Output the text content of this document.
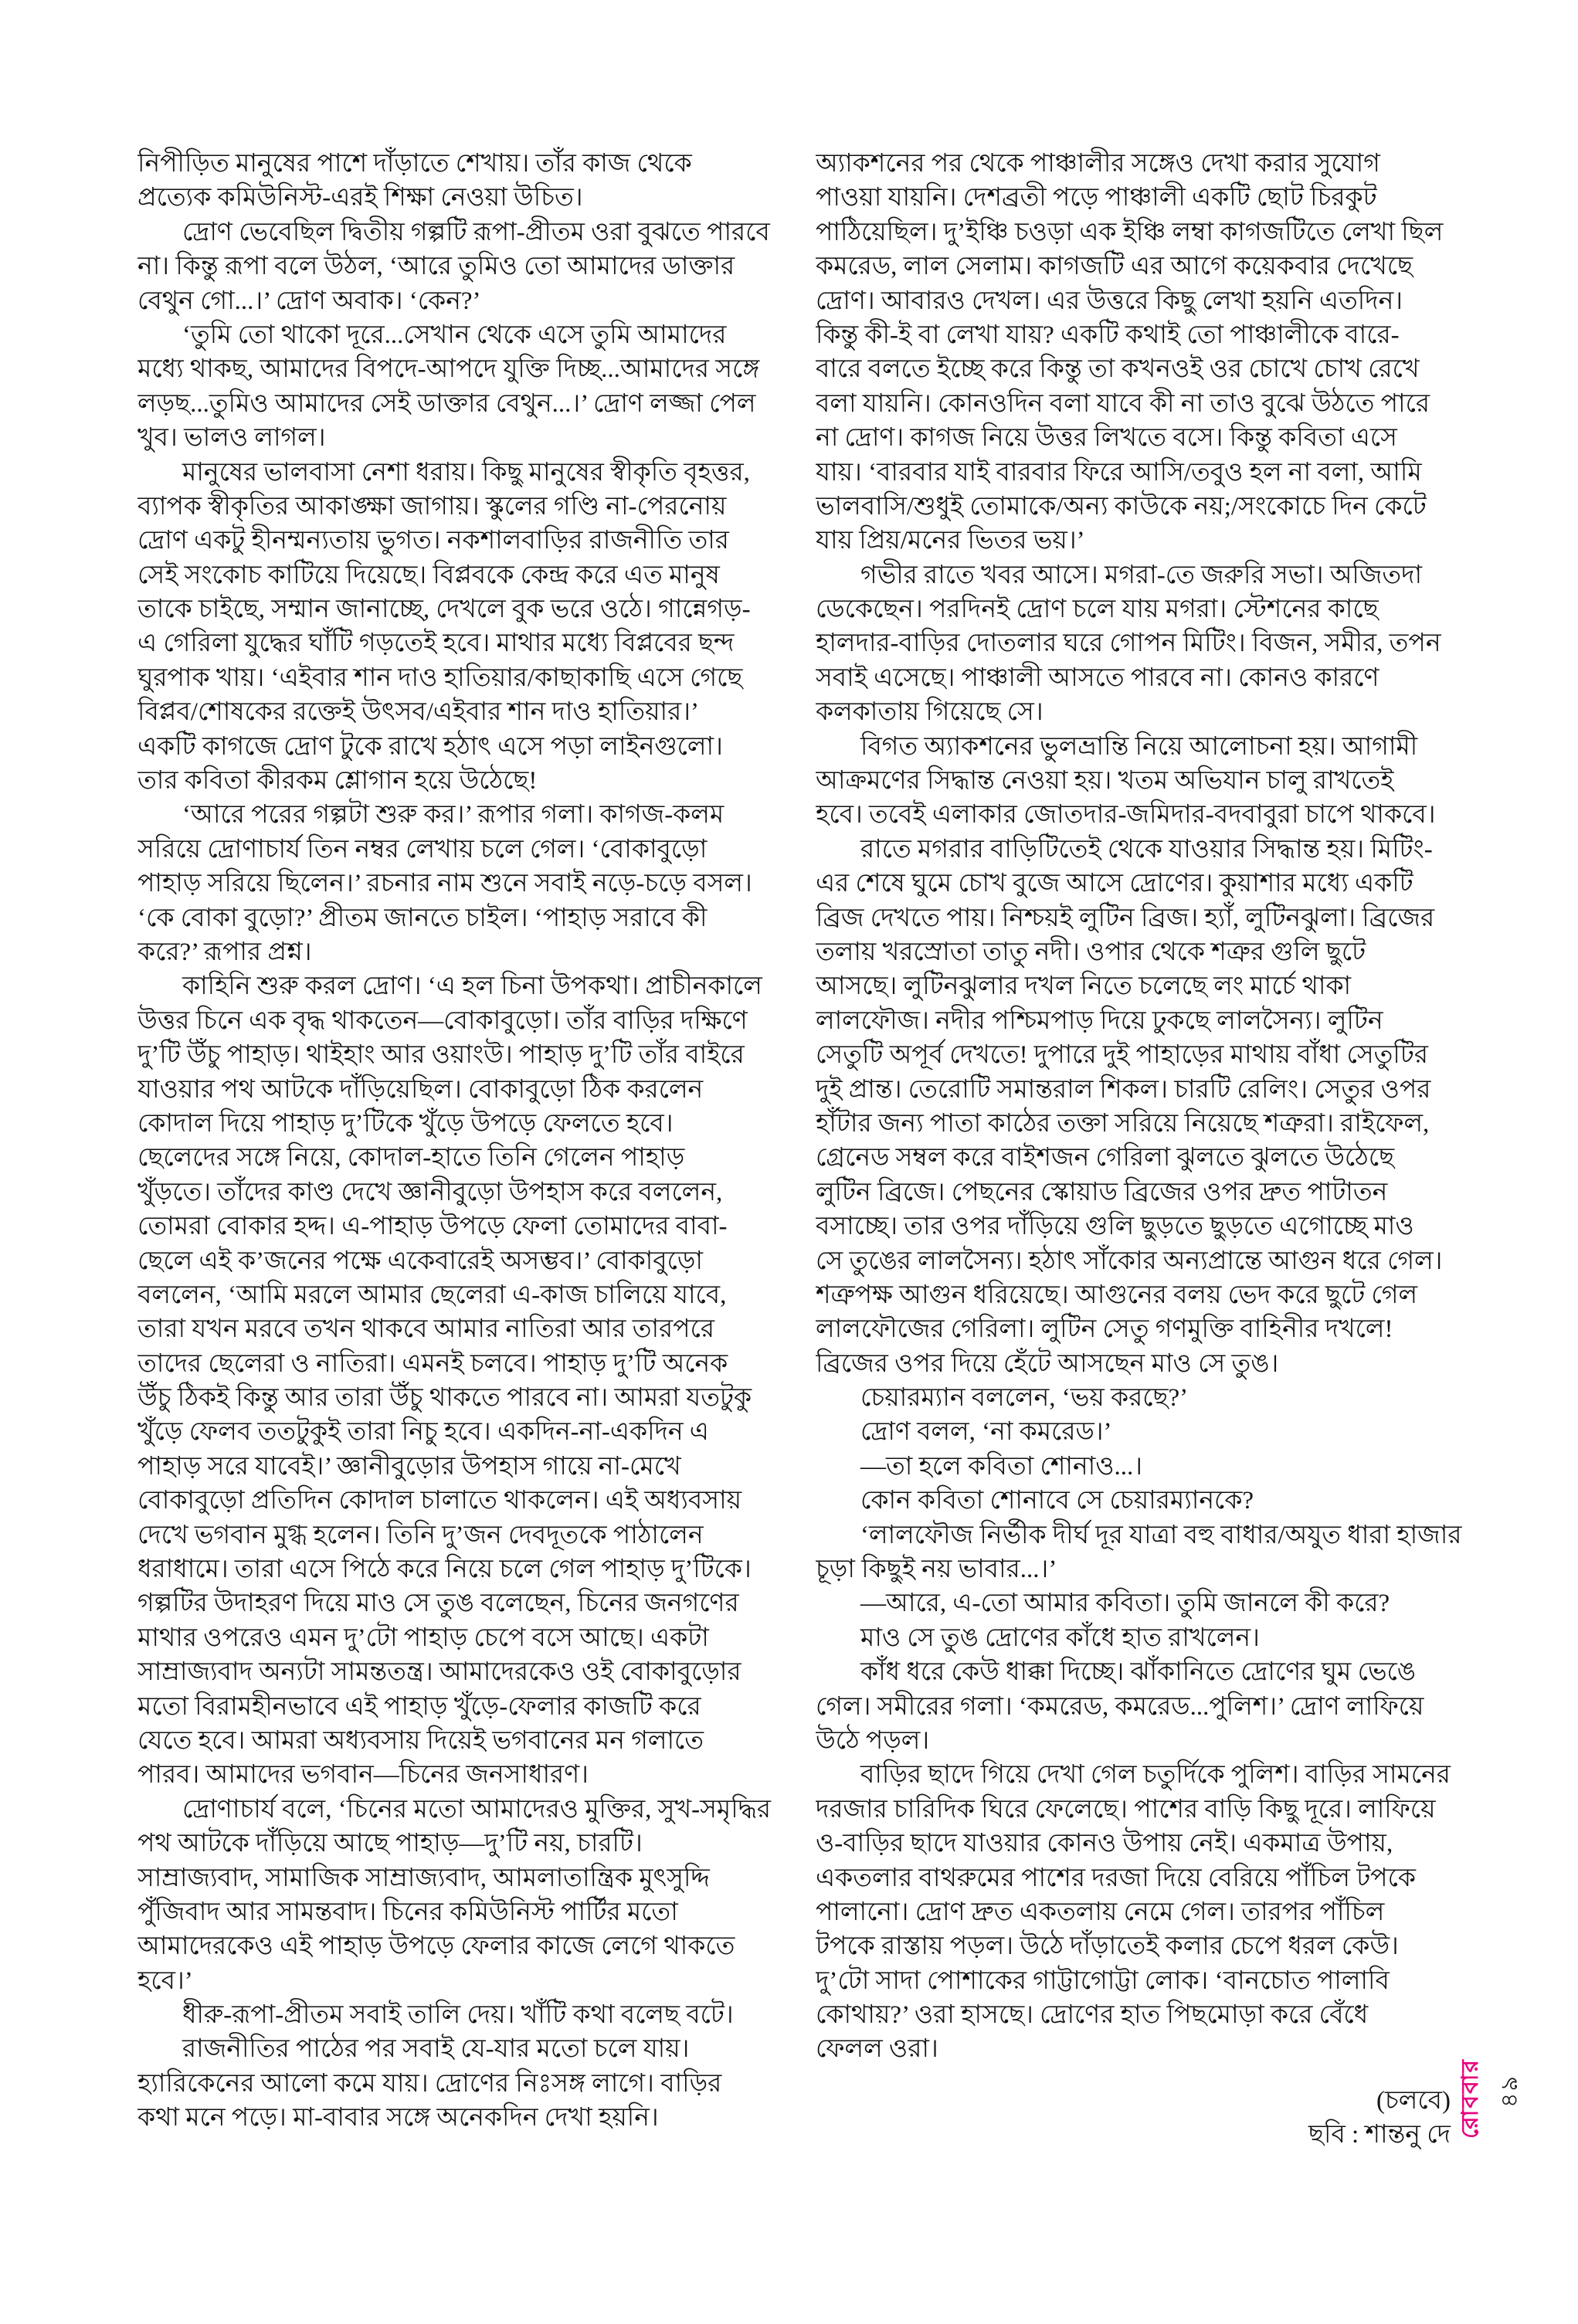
নিপীড়িত মানুষের পাশে দাঁড়াতে শেখায়। তাঁর কাজ থেকে
প্রত্যেক কমিউনিস্ট-এরই শিক্ষা নেওয়া উচিত।
দ্রোণ ভেবেছিল দ্বিতীয় গল্পটি রূপা-প্রীতম ওরা বুঝতে পারবে
না। কিন্তু রূপা বলে উঠল, ‘আরে তুমিও তো আমাদের ডাক্তার
বেথুন গো...।’ দ্রোণ অবাক। ‘কেন?’
‘তুমি তো থাকো দূরে...সেখান থেকে এসে তুমি আমাদের
মধ্যে থাকছ, আমাদের বিপদে-আপদে যুক্তি দিচ্ছ...আমাদের সঙ্গে
লড়ছ...তুমিও আমাদের সেই ডাক্তার বেথুন...।’ দ্রোণ লজ্জা পেল
খুব। ভালও লাগল।
মানুষের ভালবাসা নেশা ধরায়। কিছু মানুষের স্বীকৃতি বৃহত্তর,
ব্যাপক স্বীকৃতির আকাঙ্ক্ষা জাগায়। স্কুলের গণ্ডি না-পেরনোয়
দ্রোণ একটু হীনম্মন্যতায় ভুগত। নকশালবাড়ির রাজনীতি তার
সেই সংকোচ কাটিয়ে দিয়েছে। বিপ্লবকে কেন্দ্র করে এত মানুষ
তাকে চাইছে, সম্মান জানাচ্ছে, দেখলে বুক ভরে ওঠে। গান্নেগড়-
এ গেরিলা যুদ্ধের ঘাঁটি গড়তেই হবে। মাথার মধ্যে বিপ্লবের ছন্দ
ঘুরপাক খায়। ‘এইবার শান দাও হাতিয়ার/কাছাকাছি এসে গেছে
বিপ্লব/শোষকের রক্তেই উৎসব/এইবার শান দাও হাতিয়ার।’
একটি কাগজে দ্রোণ টুকে রাখে হঠাৎ এসে পড়া লাইনগুলো।
তার কবিতা কীরকম শ্লোগান হয়ে উঠেছে!
‘আরে পরের গল্পটা শুরু কর।’ রূপার গলা। কাগজ-কলম
সরিয়ে দ্রোণাচার্য তিন নম্বর লেখায় চলে গেল। ‘বোকাবুড়ো
পাহাড় সরিয়ে ছিলেন।’ রচনার নাম শুনে সবাই নড়ে-চড়ে বসল।
‘কে বোকা বুড়ো?’ প্রীতম জানতে চাইল। ‘পাহাড় সরাবে কী
করে?’ রূপার প্রশ্ন।
কাহিনি শুরু করল দ্রোণ। ‘এ হল চিনা উপকথা। প্রাচীনকালে
উত্তর চিনে এক বৃদ্ধ থাকতেন—বোকাবুড়ো। তাঁর বাড়ির দক্ষিণে
দু’টি উঁচু পাহাড়। থাইহাং আর ওয়াংউ। পাহাড় দু’টি তাঁর বাইরে
যাওয়ার পথ আটকে দাঁড়িয়েছিল। বোকাবুড়ো ঠিক করলেন
কোদাল দিয়ে পাহাড় দু’টিকে খুঁড়ে উপড়ে ফেলতে হবে।
ছেলেদের সঙ্গে নিয়ে, কোদাল-হাতে তিনি গেলেন পাহাড়
খুঁড়তে। তাঁদের কাণ্ড দেখে জ্ঞানীবুড়ো উপহাস করে বললেন,
তোমরা বোকার হদ্দ। এ-পাহাড় উপড়ে ফেলা তোমাদের বাবা-
ছেলে এই ক’জনের পক্ষে একেবারেই অসম্ভব।’ বোকাবুড়ো
বললেন, ‘আমি মরলে আমার ছেলেরা এ-কাজ চালিয়ে যাবে,
তারা যখন মরবে তখন থাকবে আমার নাতিরা আর তারপরে
তাদের ছেলেরা ও নাতিরা। এমনই চলবে। পাহাড় দু’টি অনেক
উঁচু ঠিকই কিন্তু আর তারা উঁচু থাকতে পারবে না। আমরা যতটুকু
খুঁড়ে ফেলব ততটুকুই তারা নিচু হবে। একদিন-না-একদিন এ
পাহাড় সরে যাবেই।’ জ্ঞানীবুড়োর উপহাস গায়ে না-মেখে
বোকাবুড়ো প্রতিদিন কোদাল চালাতে থাকলেন। এই অধ্যবসায়
দেখে ভগবান মুগ্ধ হলেন। তিনি দু’জন দেবদূতকে পাঠালেন
ধরাধামে। তারা এসে পিঠে করে নিয়ে চলে গেল পাহাড় দু’টিকে।
গল্পটির উদাহরণ দিয়ে মাও সে তুঙ বলেছেন, চিনের জনগণের
মাথার ওপরেও এমন দু’টো পাহাড় চেপে বসে আছে। একটা
সাম্রাজ্যবাদ অন্যটা সামন্ততন্ত্র। আমাদেরকেও ওই বোকাবুড়োর
মতো বিরামহীনভাবে এই পাহাড় খুঁড়ে-ফেলার কাজটি করে
যেতে হবে। আমরা অধ্যবসায় দিয়েই ভগবানের মন গলাতে
পারব। আমাদের ভগবান—চিনের জনসাধারণ।
দ্রোণাচার্য বলে, ‘চিনের মতো আমাদেরও মুক্তির, সুখ-সমৃদ্ধির
পথ আটকে দাঁড়িয়ে আছে পাহাড়—দু’টি নয়, চারটি।
সাম্রাজ্যবাদ, সামাজিক সাম্রাজ্যবাদ, আমলাতান্ত্রিক মুৎসুদ্দি
পুঁজিবাদ আর সামন্তবাদ। চিনের কমিউনিস্ট পার্টির মতো
আমাদেরকেও এই পাহাড় উপড়ে ফেলার কাজে লেগে থাকতে
হবে।’
ধীরু-রূপা-প্রীতম সবাই তালি দেয়। খাঁটি কথা বলেছ বটে।
রাজনীতির পাঠের পর সবাই যে-যার মতো চলে যায়।
হ্যারিকেনের আলো কমে যায়। দ্রোণের নিঃসঙ্গ লাগে। বাড়ির
কথা মনে পড়ে। মা-বাবার সঙ্গে অনেকদিন দেখা হয়নি।
অ্যাকশনের পর থেকে পাঞ্চালীর সঙ্গেও দেখা করার সুযোগ
পাওয়া যায়নি। দেশব্রতী পড়ে পাঞ্চালী একটি ছোট চিরকুট
পাঠিয়েছিল। দু’ইঞ্চি চওড়া এক ইঞ্চি লম্বা কাগজটিতে লেখা ছিল
কমরেড, লাল সেলাম। কাগজটি এর আগে কয়েকবার দেখেছে
দ্রোণ। আবারও দেখল। এর উত্তরে কিছু লেখা হয়নি এতদিন।
কিন্তু কী-ই বা লেখা যায়? একটি কথাই তো পাঞ্চালীকে বারে-
বারে বলতে ইচ্ছে করে কিন্তু তা কখনওই ওর চোখে চোখ রেখে
বলা যায়নি। কোনওদিন বলা যাবে কী না তাও বুঝে উঠতে পারে
না দ্রোণ। কাগজ নিয়ে উত্তর লিখতে বসে। কিন্তু কবিতা এসে
যায়। ‘বারবার যাই বারবার ফিরে আসি/তবুও হল না বলা, আমি
ভালবাসি/শুধুই তোমাকে/অন্য কাউকে নয়;/সংকোচে দিন কেটে
যায় প্রিয়/মনের ভিতর ভয়।’
গভীর রাতে খবর আসে। মগরা-তে জরুরি সভা। অজিতদা
ডেকেছেন। পরদিনই দ্রোণ চলে যায় মগরা। স্টেশনের কাছে
হালদার-বাড়ির দোতলার ঘরে গোপন মিটিং। বিজন, সমীর, তপন
সবাই এসেছে। পাঞ্চালী আসতে পারবে না। কোনও কারণে
কলকাতায় গিয়েছে সে।
বিগত অ্যাকশনের ভুলভ্রান্তি নিয়ে আলোচনা হয়। আগামী
আক্রমণের সিদ্ধান্ত নেওয়া হয়। খতম অভিযান চালু রাখতেই
হবে। তবেই এলাকার জোতদার-জমিদার-বদবাবুরা চাপে থাকবে।
রাতে মগরার বাড়িটিতেই থেকে যাওয়ার সিদ্ধান্ত হয়। মিটিং-
এর শেষে ঘুমে চোখ বুজে আসে দ্রোণের। কুয়াশার মধ্যে একটি
ব্রিজ দেখতে পায়। নিশ্চয়ই লুটিন ব্রিজ। হ্যাঁ, লুটিনঝুলা। ব্রিজের
তলায় খরস্রোতা তাতু নদী। ওপার থেকে শত্রুর গুলি ছুটে
আসছে। লুটিনঝুলার দখল নিতে চলেছে লং মার্চে থাকা
লালফৌজ। নদীর পশ্চিমপাড় দিয়ে ঢুকছে লালসৈন্য। লুটিন
সেতুটি অপূর্ব দেখতে! দুপারে দুই পাহাড়ের মাথায় বাঁধা সেতুটির
দুই প্রান্ত। তেরোটি সমান্তরাল শিকল। চারটি রেলিং। সেতুর ওপর
হাঁটার জন্য পাতা কাঠের তক্তা সরিয়ে নিয়েছে শত্রুরা। রাইফেল,
গ্রেনেড সম্বল করে বাইশজন গেরিলা ঝুলতে ঝুলতে উঠেছে
লুটিন ব্রিজে। পেছনের স্কোয়াড ব্রিজের ওপর দ্রুত পাটাতন
বসাচ্ছে। তার ওপর দাঁড়িয়ে গুলি ছুড়তে ছুড়তে এগোচ্ছে মাও
সে তুঙের লালসৈন্য। হঠাৎ সাঁকোর অন্যপ্রান্তে আগুন ধরে গেল।
শত্রুপক্ষ আগুন ধরিয়েছে। আগুনের বলয় ভেদ করে ছুটে গেল
লালফৌজের গেরিলা। লুটিন সেতু গণমুক্তি বাহিনীর দখলে!
ব্রিজের ওপর দিয়ে হেঁটে আসছেন মাও সে তুঙ।
চেয়ারম্যান বললেন, ‘ভয় করছে?’
দ্রোণ বলল, ‘না কমরেড।’
—তা হলে কবিতা শোনাও...।
কোন কবিতা শোনাবে সে চেয়ারম্যানকে?
‘লালফৌজ নির্ভীক দীর্ঘ দূর যাত্রা বহু বাধার/অযুত ধারা হাজার
চূড়া কিছুই নয় ভাবার...।’
—আরে, এ-তো আমার কবিতা। তুমি জানলে কী করে?
মাও সে তুঙ দ্রোণের কাঁধে হাত রাখলেন।
কাঁধ ধরে কেউ ধাক্কা দিচ্ছে। ঝাঁকানিতে দ্রোণের ঘুম ভেঙে
গেল। সমীরের গলা। ‘কমরেড, কমরেড...পুলিশ।’ দ্রোণ লাফিয়ে
উঠে পড়ল।
বাড়ির ছাদে গিয়ে দেখা গেল চতুর্দিকে পুলিশ। বাড়ির সামনের
দরজার চারিদিক ঘিরে ফেলেছে। পাশের বাড়ি কিছু দূরে। লাফিয়ে
ও-বাড়ির ছাদে যাওয়ার কোনও উপায় নেই। একমাত্র উপায়,
একতলার বাথরুমের পাশের দরজা দিয়ে বেরিয়ে পাঁচিল টপকে
পালানো। দ্রোণ দ্রুত একতলায় নেমে গেল। তারপর পাঁচিল
টপকে রাস্তায় পড়ল। উঠে দাঁড়াতেই কলার চেপে ধরল কেউ।
দু’টো সাদা পোশাকের গাট্টাগোট্টা লোক। ‘বানচোত পালাবি
কোথায়?’ ওরা হাসছে। দ্রোণের হাত পিছমোড়া করে বেঁধে
ফেলল ওরা।
(চলবে)
ছবি : শান্তনু দে রোববার ৪৯
